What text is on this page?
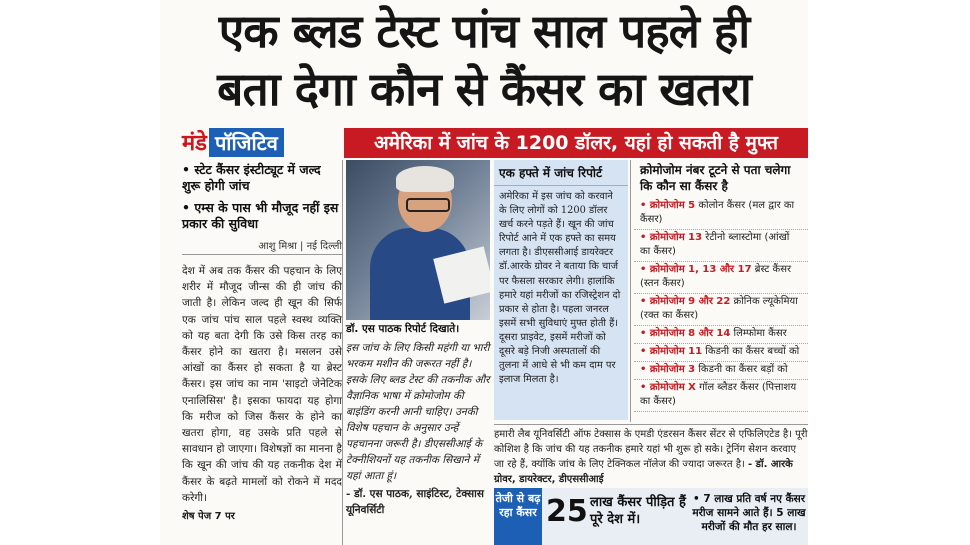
एक ब्लड टेस्ट पांच साल पहले ही
बता देगा कौन से कैंसर का खतरा
मंडे पॉजिटिव	अमेरिका में जांच के 1200 डॉलर, यहां हो सकती है मुफ्त
• स्टेट कैंसर इंस्टीट्यूट में जल्द शुरू होगी जांच
• एम्स के पास भी मौजूद नहीं इस प्रकार की सुविधा
आशु मिश्रा | नई दिल्ली
देश में अब तक कैंसर की पहचान के लिए शरीर में मौजूद जीन्स की ही जांच की जाती है। लेकिन जल्द ही खून की सिर्फ एक जांच पांच साल पहले स्वस्थ व्यक्ति को यह बता देगी कि उसे किस तरह का कैंसर होने का खतरा है। मसलन उसे आंखों का कैंसर हो सकता है या ब्रेस्ट कैंसर। इस जांच का नाम 'साइटो जेनेटिक एनालिसिस' है। इसका फायदा यह होगा कि मरीज को जिस कैंसर के होने का खतरा होगा, वह उसके प्रति पहले से सावधान हो जाएगा। विशेषज्ञों का मानना है कि खून की जांच की यह तकनीक देश में कैंसर के बढ़ते मामलों को रोकने में मदद करेगी।
शेष पेज 7 पर
डॉ. एस पाठक रिपोर्ट दिखाते।
इस जांच के लिए किसी महंगी या भारी भरकम मशीन की जरूरत नहीं है। इसके लिए ब्लड टेस्ट की तकनीक और वैज्ञानिक भाषा में क्रोमोजोम की बाइंडिंग करनी आनी चाहिए। उनकी विशेष पहचान के अनुसार उन्हें पहचानना जरूरी है। डीएससीआई के टेक्नीशियनों यह तकनीक सिखाने में यहां आता हूं।
- डॉ. एस पाठक, साइंटिस्ट, टेक्सास यूनिवर्सिटी
एक हफ्ते में जांच रिपोर्ट
अमेरिका में इस जांच को करवाने के लिए लोगों को 1200 डॉलर खर्च करने पड़ते हैं। खून की जांच रिपोर्ट आने में एक हफ्ते का समय लगता है। डीएससीआई डायरेक्टर डॉ.आरके ग्रोवर ने बताया कि चार्ज पर फैसला सरकार लेगी। हालांकि हमारे यहां मरीजों का रजिस्ट्रेशन दो प्रकार से होता है। पहला जनरल इसमें सभी सुविधाएं मुफ्त होती हैं। दूसरा प्राइवेट, इसमें मरीजों को दूसरे बड़े निजी अस्पतालों की तुलना में आधे से भी कम दाम पर इलाज मिलता है।
क्रोमोजोम नंबर टूटने से पता चलेगा कि कौन सा कैंसर है
• क्रोमोजोम 5 कोलोन कैंसर (मल द्वार का कैंसर)
• क्रोमोजोम 13 रेटीनो ब्लास्टोमा (आंखों का कैंसर)
• क्रोमोजोम 1, 13 और 17 ब्रेस्ट कैंसर (स्तन कैंसर)
• क्रोमोजोम 9 और 22 क्रोनिक ल्यूकेमिया (रक्त का कैंसर)
• क्रोमोजोम 8 और 14 लिम्फोमा कैंसर
• क्रोमोजोम 11 किडनी का कैंसर बच्चों को
• क्रोमोजोम 3 किडनी का कैंसर बड़ों को
• क्रोमोजोम X गॉल ब्लैडर कैंसर (पित्ताशय का कैंसर)
हमारी लैब यूनिवर्सिटी ऑफ टेक्सास के एमडी एंडरसन कैंसर सेंटर से एफिलिएटेड है। पूरी कोशिश है कि जांच की यह तकनीक हमारे यहां भी शुरू हो सके। ट्रेनिंग सेशन करवाए जा रहे हैं, क्योंकि जांच के लिए टेक्निकल नॉलेज की ज्यादा जरूरत है। - डॉ. आरके ग्रोवर, डायरेक्टर, डीएससीआई
तेजी से बढ़ रहा कैंसर 25 लाख कैंसर पीड़ित हैं पूरे देश में।
• 7 लाख प्रति वर्ष नए कैंसर मरीज सामने आते हैं। 5 लाख मरीजों की मौत हर साल।
